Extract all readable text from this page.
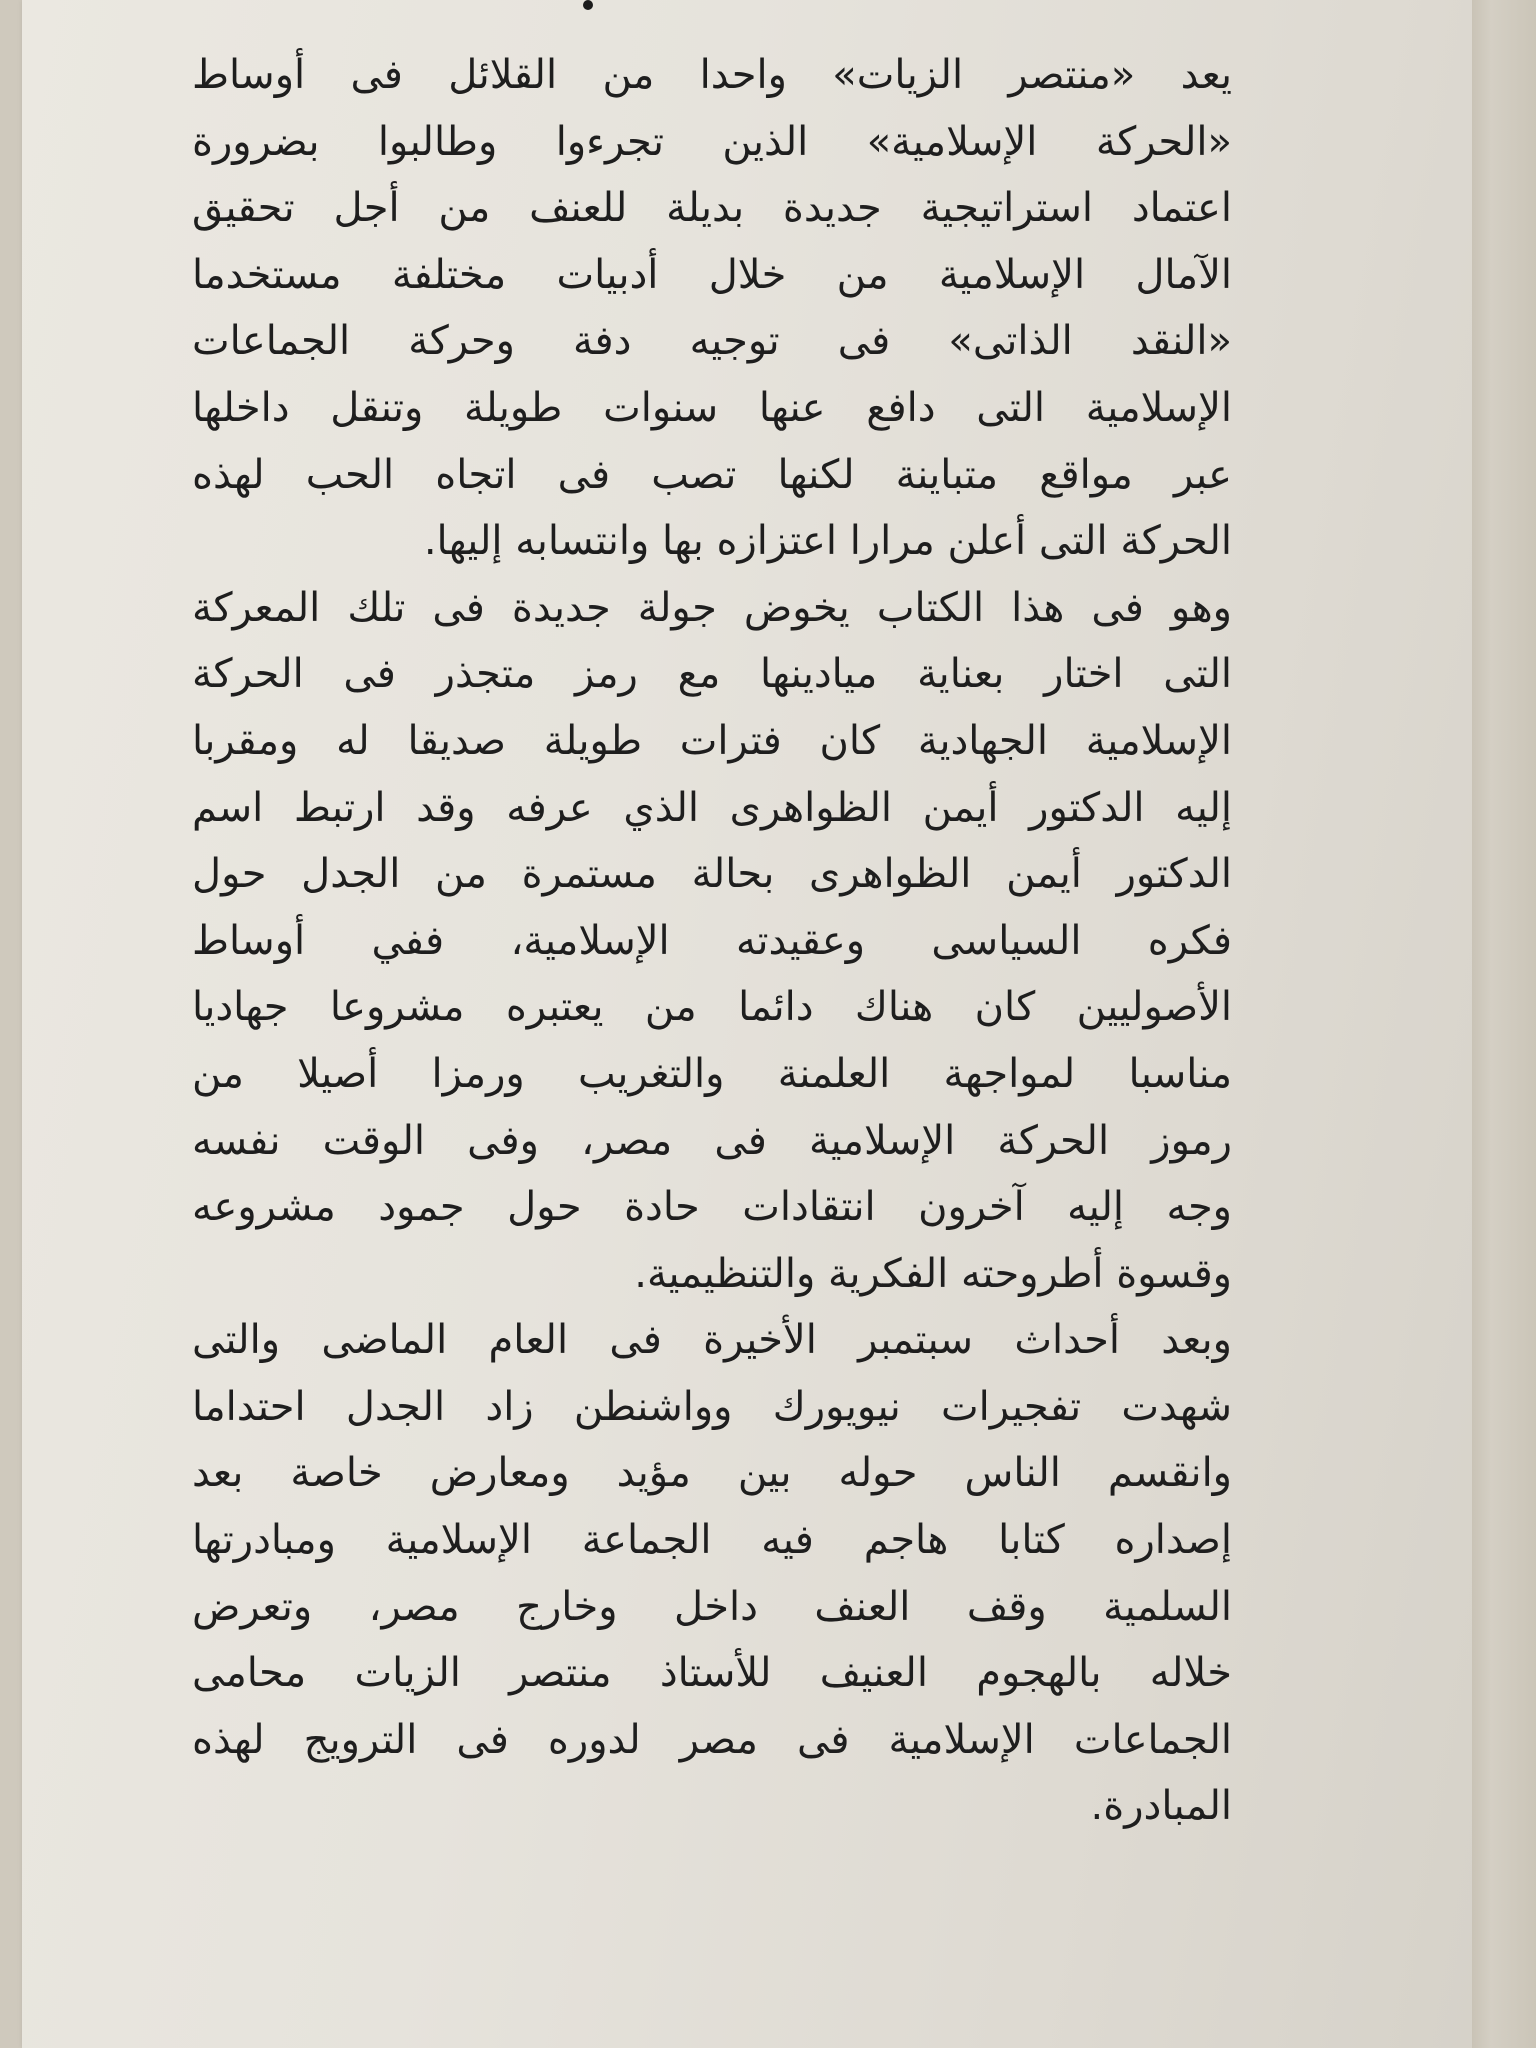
يعد «منتصر الزيات» واحدا من القلائل فى أوساط
«الحركة الإسلامية» الذين تجرءوا وطالبوا بضرورة
اعتماد استراتيجية جديدة بديلة للعنف من أجل تحقيق
الآمال الإسلامية من خلال أدبيات مختلفة مستخدما
«النقد الذاتى» فى توجيه دفة وحركة الجماعات
الإسلامية التى دافع عنها سنوات طويلة وتنقل داخلها
عبر مواقع متباينة لكنها تصب فى اتجاه الحب لهذه
الحركة التى أعلن مرارا اعتزازه بها وانتسابه إليها.
وهو فى هذا الكتاب يخوض جولة جديدة فى تلك المعركة
التى اختار بعناية ميادينها مع رمز متجذر فى الحركة
الإسلامية الجهادية كان فترات طويلة صديقا له ومقربا
إليه الدكتور أيمن الظواهرى الذي عرفه وقد ارتبط اسم
الدكتور أيمن الظواهرى بحالة مستمرة من الجدل حول
فكره السياسى وعقيدته الإسلامية، ففي أوساط
الأصوليين كان هناك دائما من يعتبره مشروعا جهاديا
مناسبا لمواجهة العلمنة والتغريب ورمزا أصيلا من
رموز الحركة الإسلامية فى مصر، وفى الوقت نفسه
وجه إليه آخرون انتقادات حادة حول جمود مشروعه
وقسوة أطروحته الفكرية والتنظيمية.
وبعد أحداث سبتمبر الأخيرة فى العام الماضى والتى
شهدت تفجيرات نيويورك وواشنطن زاد الجدل احتداما
وانقسم الناس حوله بين مؤيد ومعارض خاصة بعد
إصداره كتابا هاجم فيه الجماعة الإسلامية ومبادرتها
السلمية وقف العنف داخل وخارج مصر، وتعرض
خلاله بالهجوم العنيف للأستاذ منتصر الزيات محامى
الجماعات الإسلامية فى مصر لدوره فى الترويج لهذه
المبادرة.
